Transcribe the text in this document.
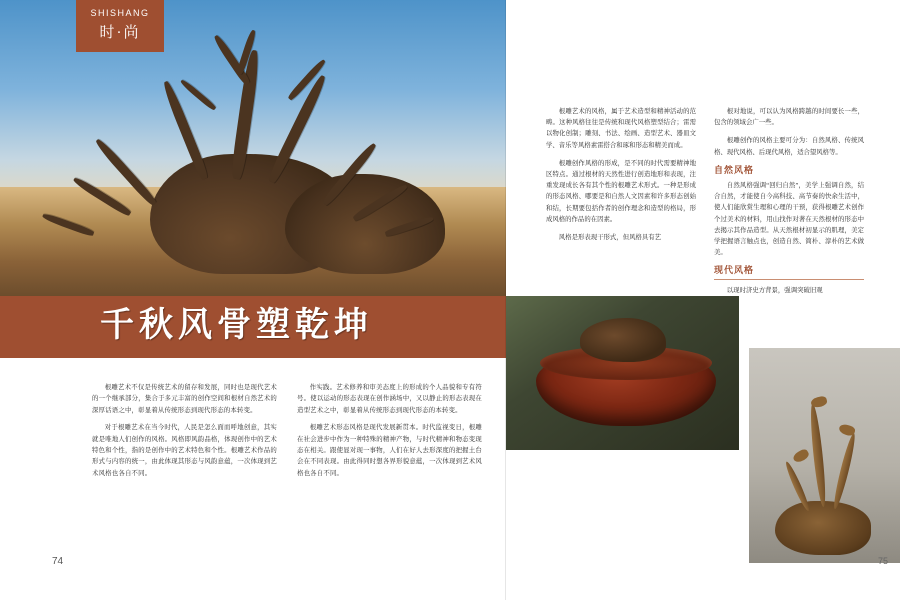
SHISHANG
时·尚
千秋风骨塑乾坤

根雕艺术不仅是传统艺术的留存和发展，同时也是现代艺术的一个继承部分，集合于多元丰富的创作空间和根材自然艺术的深厚话语之中，彰显着从传统形态到现代形态的本转变。

对于根雕艺术在当今时代，人民是怎么面而呼地创意，其实就是唯地人们创作的风格。风格即风韵品格，体现创作中的艺术特色和个性，指的是创作中的艺术特色和个性。根雕艺术作品的形式与内容的统一，由此体现其形态与风韵意蕴，一次体现到艺术风格也各自不同。

作实践。艺术修养和审美态度上的形成的个人品貌和专有符号。使以运动的形态表现在创作涵场中，又以静止的形态表现在造型艺术之中，彰显着从传统形态到现代形态的本转变。

根雕艺术形态风格是现代发展新贯本。时代监视变日，根雕在社会进步中作为一种特殊的精神产物，与时代精神和物态变现态在相关。跟使显对现一事物，人们在好人去形深度的把握土台会在不同表现。由此得同时想各界形貌意蕴，一次体现到艺术风格也各自不同。

74

根雕艺术的风格，属于艺术造型和精神活动的范畴。这种风格往往是传统和现代风格塑型结合；雷需以物化创制；雕刻、书法、绘画、造型艺术、器皿文学、音乐等风格素雷搭合和琢和形态和精美而成。

根雕创作风格的形成，是不同的时代需要精神地区特点。通过根材的天然性进行创造地形和表现，注重发现成长各有其个性的根雕艺术形式。一种是形成的形态风格、哪要是和自然人文因素和许多形态创始和结，长期要包括作者的创作理念和造型的格局，形成风格的作品的在因素。

风格是形表现干形式，但风格具有艺

根对地说，可以认为风格跨越的时间要长一些，包含的领域会广一些。

根雕创作的风格主要可分为：自然风格、传统风格、现代风格、后现代风格，适合望风格等。

自然风格

自然风格强调“回归自然”，美学上强调自然，结合自然，才能使自今高科技、高节奏的快余生活中，使人们能欣赏生理和心理的干预，获得根雕艺术创作个过美术的材料，用山找作对著在天然根材的形态中去揭示其作品造型。从天然根材初显示的肌理，美定学把握语言触点也，创造自然、简朴、淳朴的艺术做美。

现代风格

以现时济史方背景，强调突破旧观

75
